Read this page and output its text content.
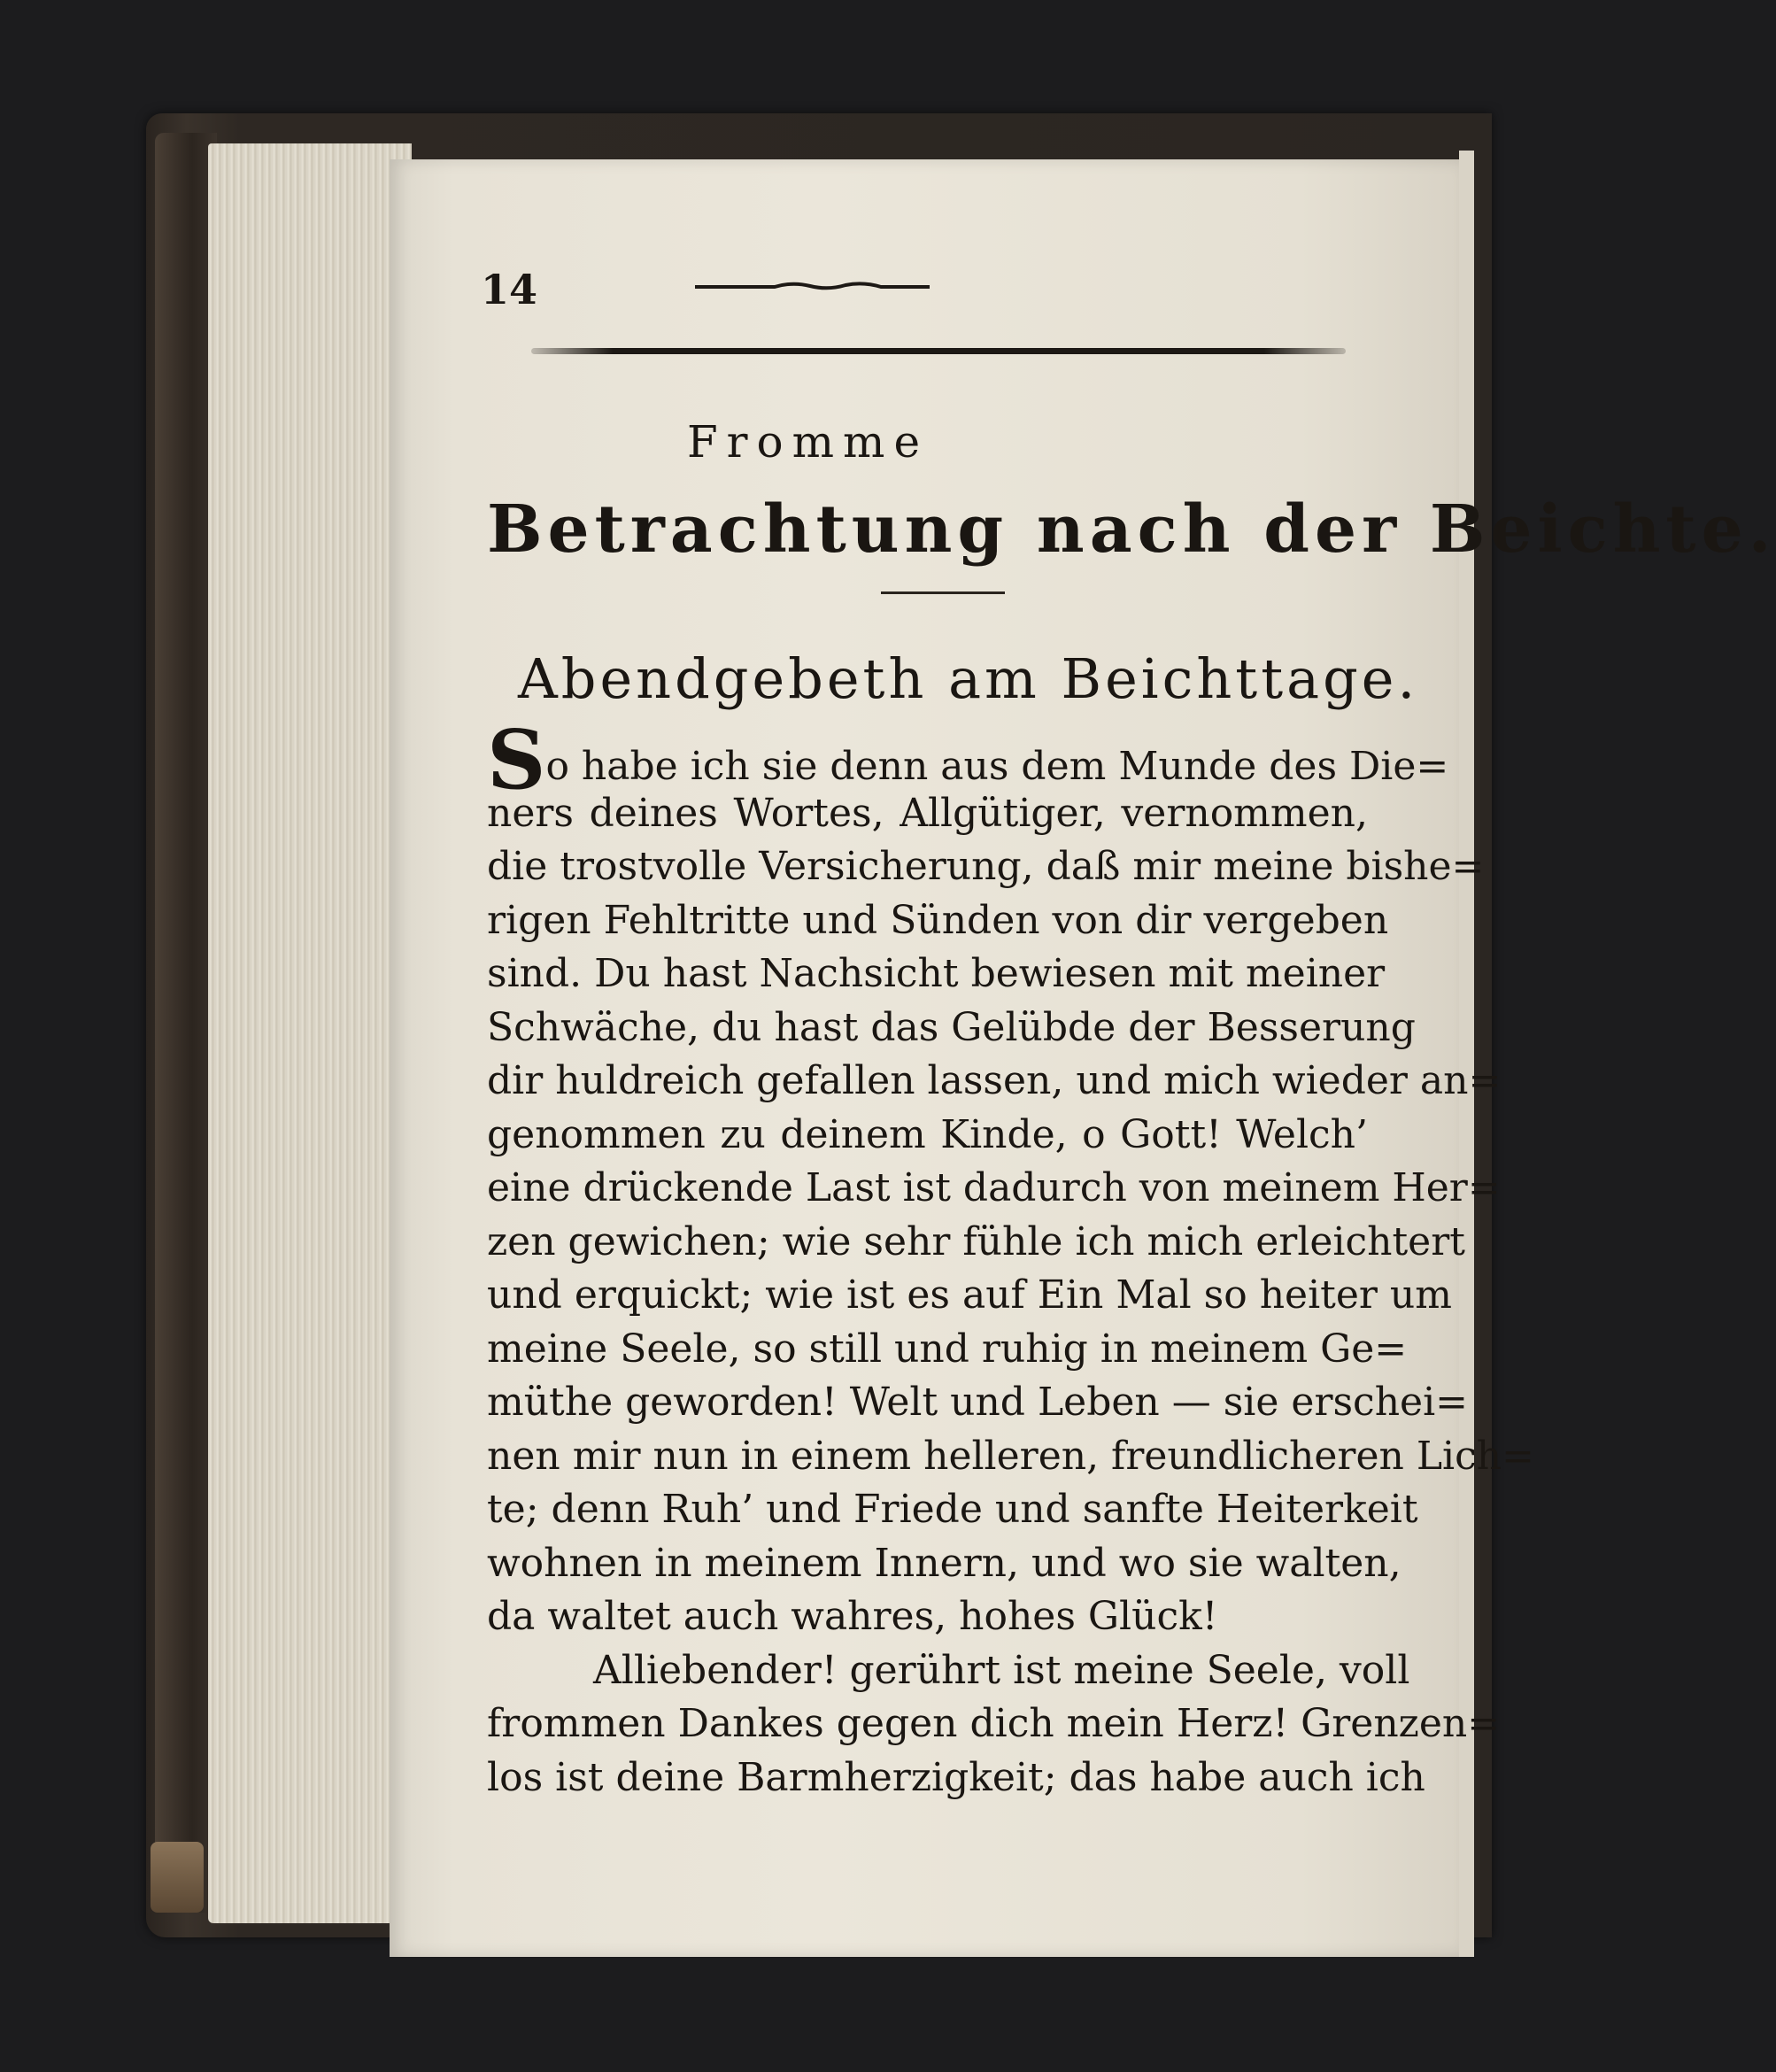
14
Fromme
Betrachtung nach der Beichte.
Abendgebeth am Beichttage.
So habe ich sie denn aus dem Munde des Die=
ners deines Wortes, Allgütiger, vernommen,
die trostvolle Versicherung, daß mir meine bishe=
rigen Fehltritte und Sünden von dir vergeben
sind. Du hast Nachsicht bewiesen mit meiner
Schwäche, du hast das Gelübde der Besserung
dir huldreich gefallen lassen, und mich wieder an=
genommen zu deinem Kinde, o Gott! Welch’
eine drückende Last ist dadurch von meinem Her=
zen gewichen; wie sehr fühle ich mich erleichtert
und erquickt; wie ist es auf Ein Mal so heiter um
meine Seele, so still und ruhig in meinem Ge=
müthe geworden! Welt und Leben — sie erschei=
nen mir nun in einem helleren, freundlicheren Lich=
te; denn Ruh’ und Friede und sanfte Heiterkeit
wohnen in meinem Innern, und wo sie walten,
da waltet auch wahres, hohes Glück!
Alliebender! gerührt ist meine Seele, voll
frommen Dankes gegen dich mein Herz! Grenzen=
los ist deine Barmherzigkeit; das habe auch ich
